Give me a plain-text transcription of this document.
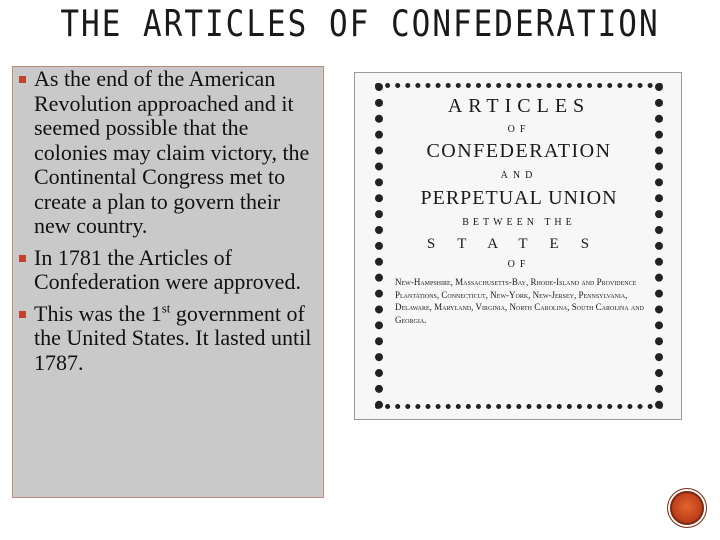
THE ARTICLES OF CONFEDERATION
As the end of the American Revolution approached and it seemed possible that the colonies may claim victory, the Continental Congress met to create a plan to govern their new country.
In 1781 the Articles of Confederation were approved.
This was the 1st government of the United States. It lasted until 1787.

ARTICLES

OF

CONFEDERATION

AND

PERPETUAL UNION

BETWEEN THE

STATES

OF

New-Hampshire, Massachusetts-Bay, Rhode-Island and Providence Plantations, Connecticut, New-York, New-Jersey, Pennsylvania, Delaware, Maryland, Virginia, North Carolina, South Carolina and Georgia.
